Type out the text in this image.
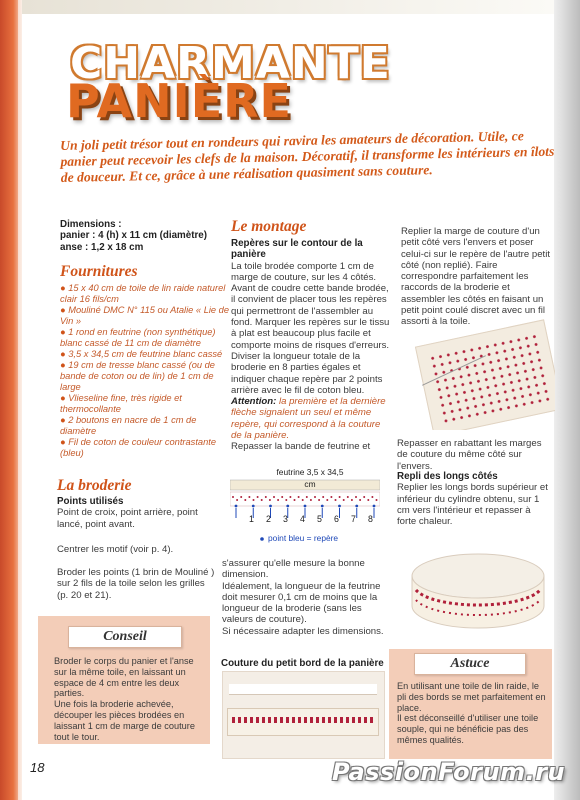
CHARMANTE
PANIÈRE
Un joli petit trésor tout en rondeurs qui ravira les amateurs de décoration. Utile, ce panier peut recevoir les clefs de la maison. Décoratif, il transforme les intérieurs en îlots de douceur. Et ce, grâce à une réalisation quasiment sans couture.
Dimensions :
panier : 4 (h) x 11 cm (diamètre)
anse : 1,2 x 18 cm
Fournitures
● 15 x 40 cm de toile de lin raide naturel clair 16 fils/cm
● Mouliné DMC N° 115 ou Atalie « Lie de Vin »
● 1 rond en feutrine (non synthétique) blanc cassé de 11 cm de diamètre
● 3,5 x 34,5 cm de feutrine blanc cassé
● 19 cm de tresse blanc cassé (ou de bande de coton ou de lin) de 1 cm de large
● Vlieseline fine, très rigide et thermocollante
● 2 boutons en nacre de 1 cm de diamètre
● Fil de coton de couleur contrastante (bleu)
La broderie
Points utilisés
Point de croix, point arrière, point lancé, point avant.
Centrer les motif (voir p. 4).
Broder les points (1 brin de Mouliné ) sur 2 fils de la toile selon les grilles (p. 20 et 21).
Conseil
Broder le corps du panier et l'anse sur la même toile, en laissant un espace de 4 cm entre les deux parties.
Une fois la broderie achevée, découper les pièces brodées en laissant 1 cm de marge de couture tout le tour.
Le montage
Repères sur le contour de la panière
La toile brodée comporte 1 cm de marge de couture, sur les 4 côtés. Avant de coudre cette bande brodée, il convient de placer tous les repères qui permettront de l'assembler au fond. Marquer les repères sur le tissu à plat est beaucoup plus facile et comporte moins de risques d'erreurs.
Diviser la longueur totale de la broderie en 8 parties égales et indiquer chaque repère par 2 points arrière avec le fil de coton bleu.
Attention: la première et la dernière flèche signalent un seul et même repère, qui correspond à la couture de la panière.
Repasser la bande de feutrine et
feutrine 3,5 x 34,5 cm
1 2 3 4 5 6 7 8
point bleu = repère
s'assurer qu'elle mesure la bonne dimension.
Idéalement, la longueur de la feutrine doit mesurer 0,1 cm de moins que la longueur de la broderie (sans les valeurs de couture).
Si nécessaire adapter les dimensions.
Couture du petit bord de la panière
Replier la marge de couture d'un petit côté vers l'envers et poser celui-ci sur le repère de l'autre petit côté (non replié). Faire correspondre parfaitement les raccords de la broderie et assembler les côtés en faisant un petit point coulé discret avec un fil assorti à la toile.
Repasser en rabattant les marges de couture du même côté sur l'envers.
Repli des longs côtés
Replier les longs bords supérieur et inférieur du cylindre obtenu, sur 1 cm vers l'intérieur et repasser à forte chaleur.
Astuce
En utilisant une toile de lin raide, le pli des bords se met parfaitement en place.
Il est déconseillé d'utiliser une toile souple, qui ne bénéficie pas des mêmes qualités.
18	PassionForum.ru
